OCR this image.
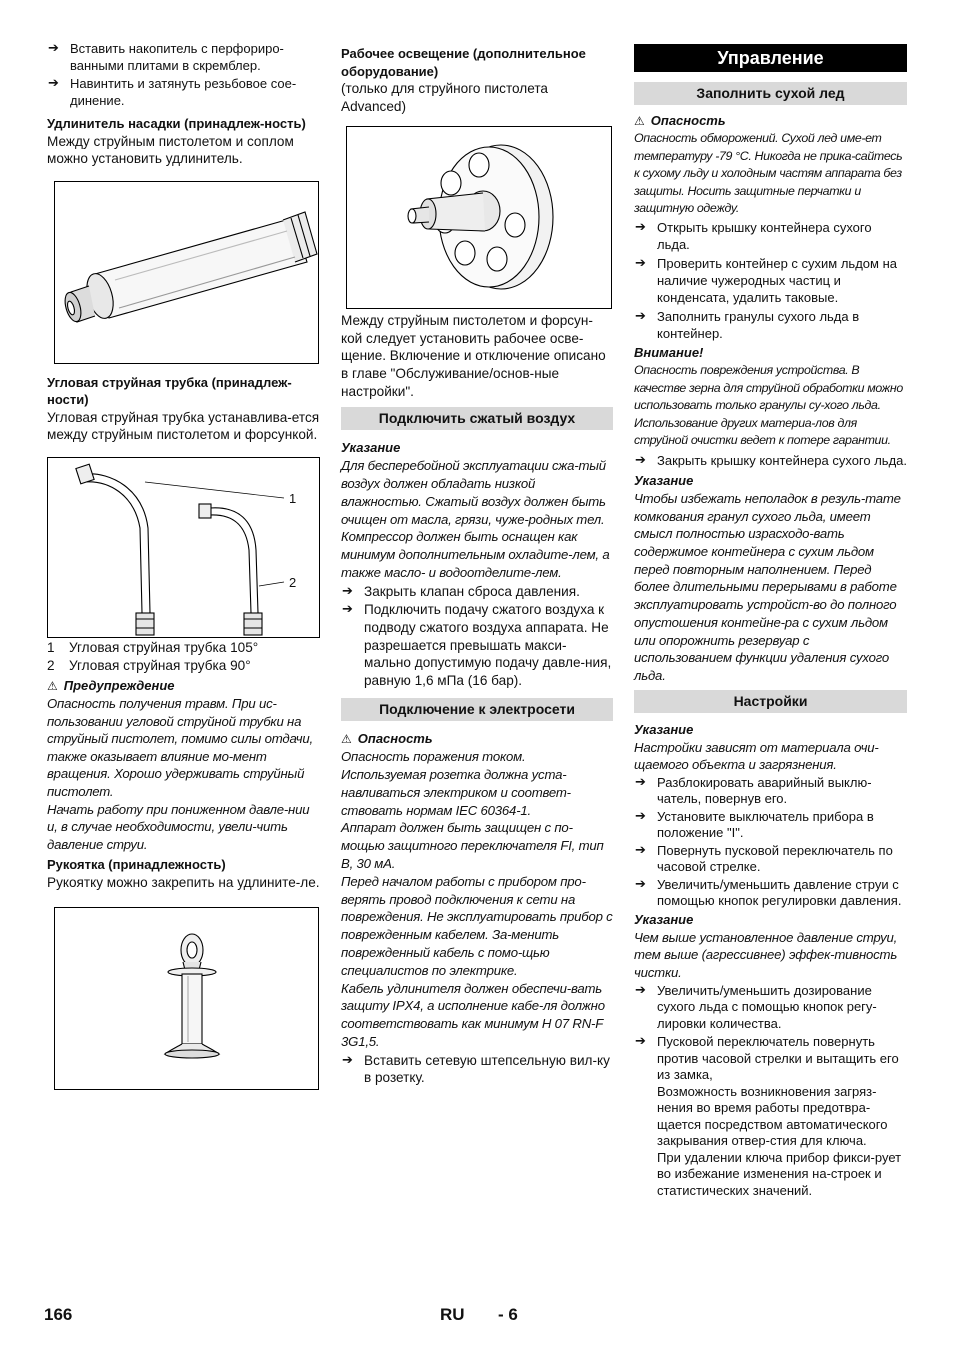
➔ Вставить накопитель с перфориро-ванными плитами в скремблер.
➔ Навинтить и затянуть резьбовое сое-динение.
Удлинитель насадки (принадлеж-ность)
Между струйным пистолетом и соплом можно установить удлинитель.
Угловая струйная трубка (принадлеж-ности)
Угловая струйная трубка устанавлива-ется между струйным пистолетом и форсункой.
1
2
1 Угловая струйная трубка 105°
2 Угловая струйная трубка 90°
⚠ Предупреждение
Опасность получения травм. При ис-пользовании угловой струйной трубки на струйный пистолет, помимо силы отдачи, также оказывает влияние мо-мент вращения. Хорошо удерживать струйный пистолет.
Начать работу при пониженном давле-нии и, в случае необходимости, увели-чить давление струи.
Рукоятка (принадлежность)
Рукоятку можно закрепить на удлините-ле.
Рабочее освещение (дополнительное оборудование)
(только для струйного пистолета Advanced)
Между струйным пистолетом и форсун-кой следует установить рабочее осве-щение. Включение и отключение описано в главе "Обслуживание/основ-ные настройки".
Подключить сжатый воздух
Указание
Для бесперебойной эксплуатации сжа-тый воздух должен обладать низкой влажностью. Сжатый воздух должен быть очищен от масла, грязи, чуже-родных тел.
Компрессор должен быть оснащен как минимум дополнительным охладите-лем, а также масло- и водоотделите-лем.
➔ Закрыть клапан сброса давления.
➔ Подключить подачу сжатого воздуха к подводу сжатого воздуха аппарата. Не разрешается превышать макси-мально допустимую подачу давле-ния, равную 1,6 мПа (16 бар).
Подключение к электросети
⚠ Опасность
Опасность поражения током.
Используемая розетка должна уста-навливаться электриком и соответ-ствовать нормам IEC 60364-1.
Аппарат должен быть защищен с по-мощью защитного переключателя FI, тип B, 30 мА.
Перед началом работы с прибором про-верять провод подключения к сети на повреждения. Не эксплуатировать прибор с поврежденным кабелем. За-менить поврежденный кабель с помо-щью специалистов по электрике.
Кабель удлинителя должен обеспечи-вать защиту IPX4, а исполнение кабе-ля должно соответствовать как минимум H 07 RN-F 3G1,5.
➔ Вставить сетевую штепсельную вил-ку в розетку.
Управление
Заполнить сухой лед
⚠ Опасность
Опасность обморожений. Сухой лед име-ет температуру -79 °C. Никогда не прика-сайтесь к сухому льду и холодным частям аппарата без защиты. Носить защитные перчатки и защитную одежду.
➔ Открыть крышку контейнера сухого льда.
➔ Проверить контейнер с сухим льдом на наличие чужеродных частиц и конденсата, удалить таковые.
➔ Заполнить гранулы сухого льда в контейнер.
Внимание!
Опасность повреждения устройства. В качестве зерна для струйной обработки можно использовать только гранулы су-хого льда. Использование других материа-лов для струйной очистки ведет к потере гарантии.
➔ Закрыть крышку контейнера сухого льда.
Указание
Чтобы избежать неполадок в резуль-тате комкования гранул сухого льда, имеет смысл полностью израсходо-вать содержимое контейнера с сухим льдом перед повторным наполнением. Перед более длительными перерывами в работе эксплуатировать устройст-во до полного опустошения контейне-ра с сухим льдом или опорожнить резервуар с использованием функции удаления сухого льда.
Настройки
Указание
Настройки зависят от материала очи-щаемого объекта и загрязнения.
➔ Разблокировать аварийный выклю-чатель, повернув его.
➔ Установите выключатель прибора в положение "I".
➔ Повернуть пусковой переключатель по часовой стрелке.
➔ Увеличить/уменьшить давление струи с помощью кнопок регулировки давления.
Указание
Чем выше установленное давление струи, тем выше (агрессивнее) эффек-тивность чистки.
➔ Увеличить/уменьшить дозирование сухого льда с помощью кнопок регу-лировки количества.
➔ Пусковой переключатель повернуть против часовой стрелки и вытащить его из замка,
Возможность возникновения загряз-нения во время работы предотвра-щается посредством автоматического закрывания отвер-стия для ключа.
При удалении ключа прибор фикси-рует во избежание изменения на-строек и статистических значений.
166	RU - 6
